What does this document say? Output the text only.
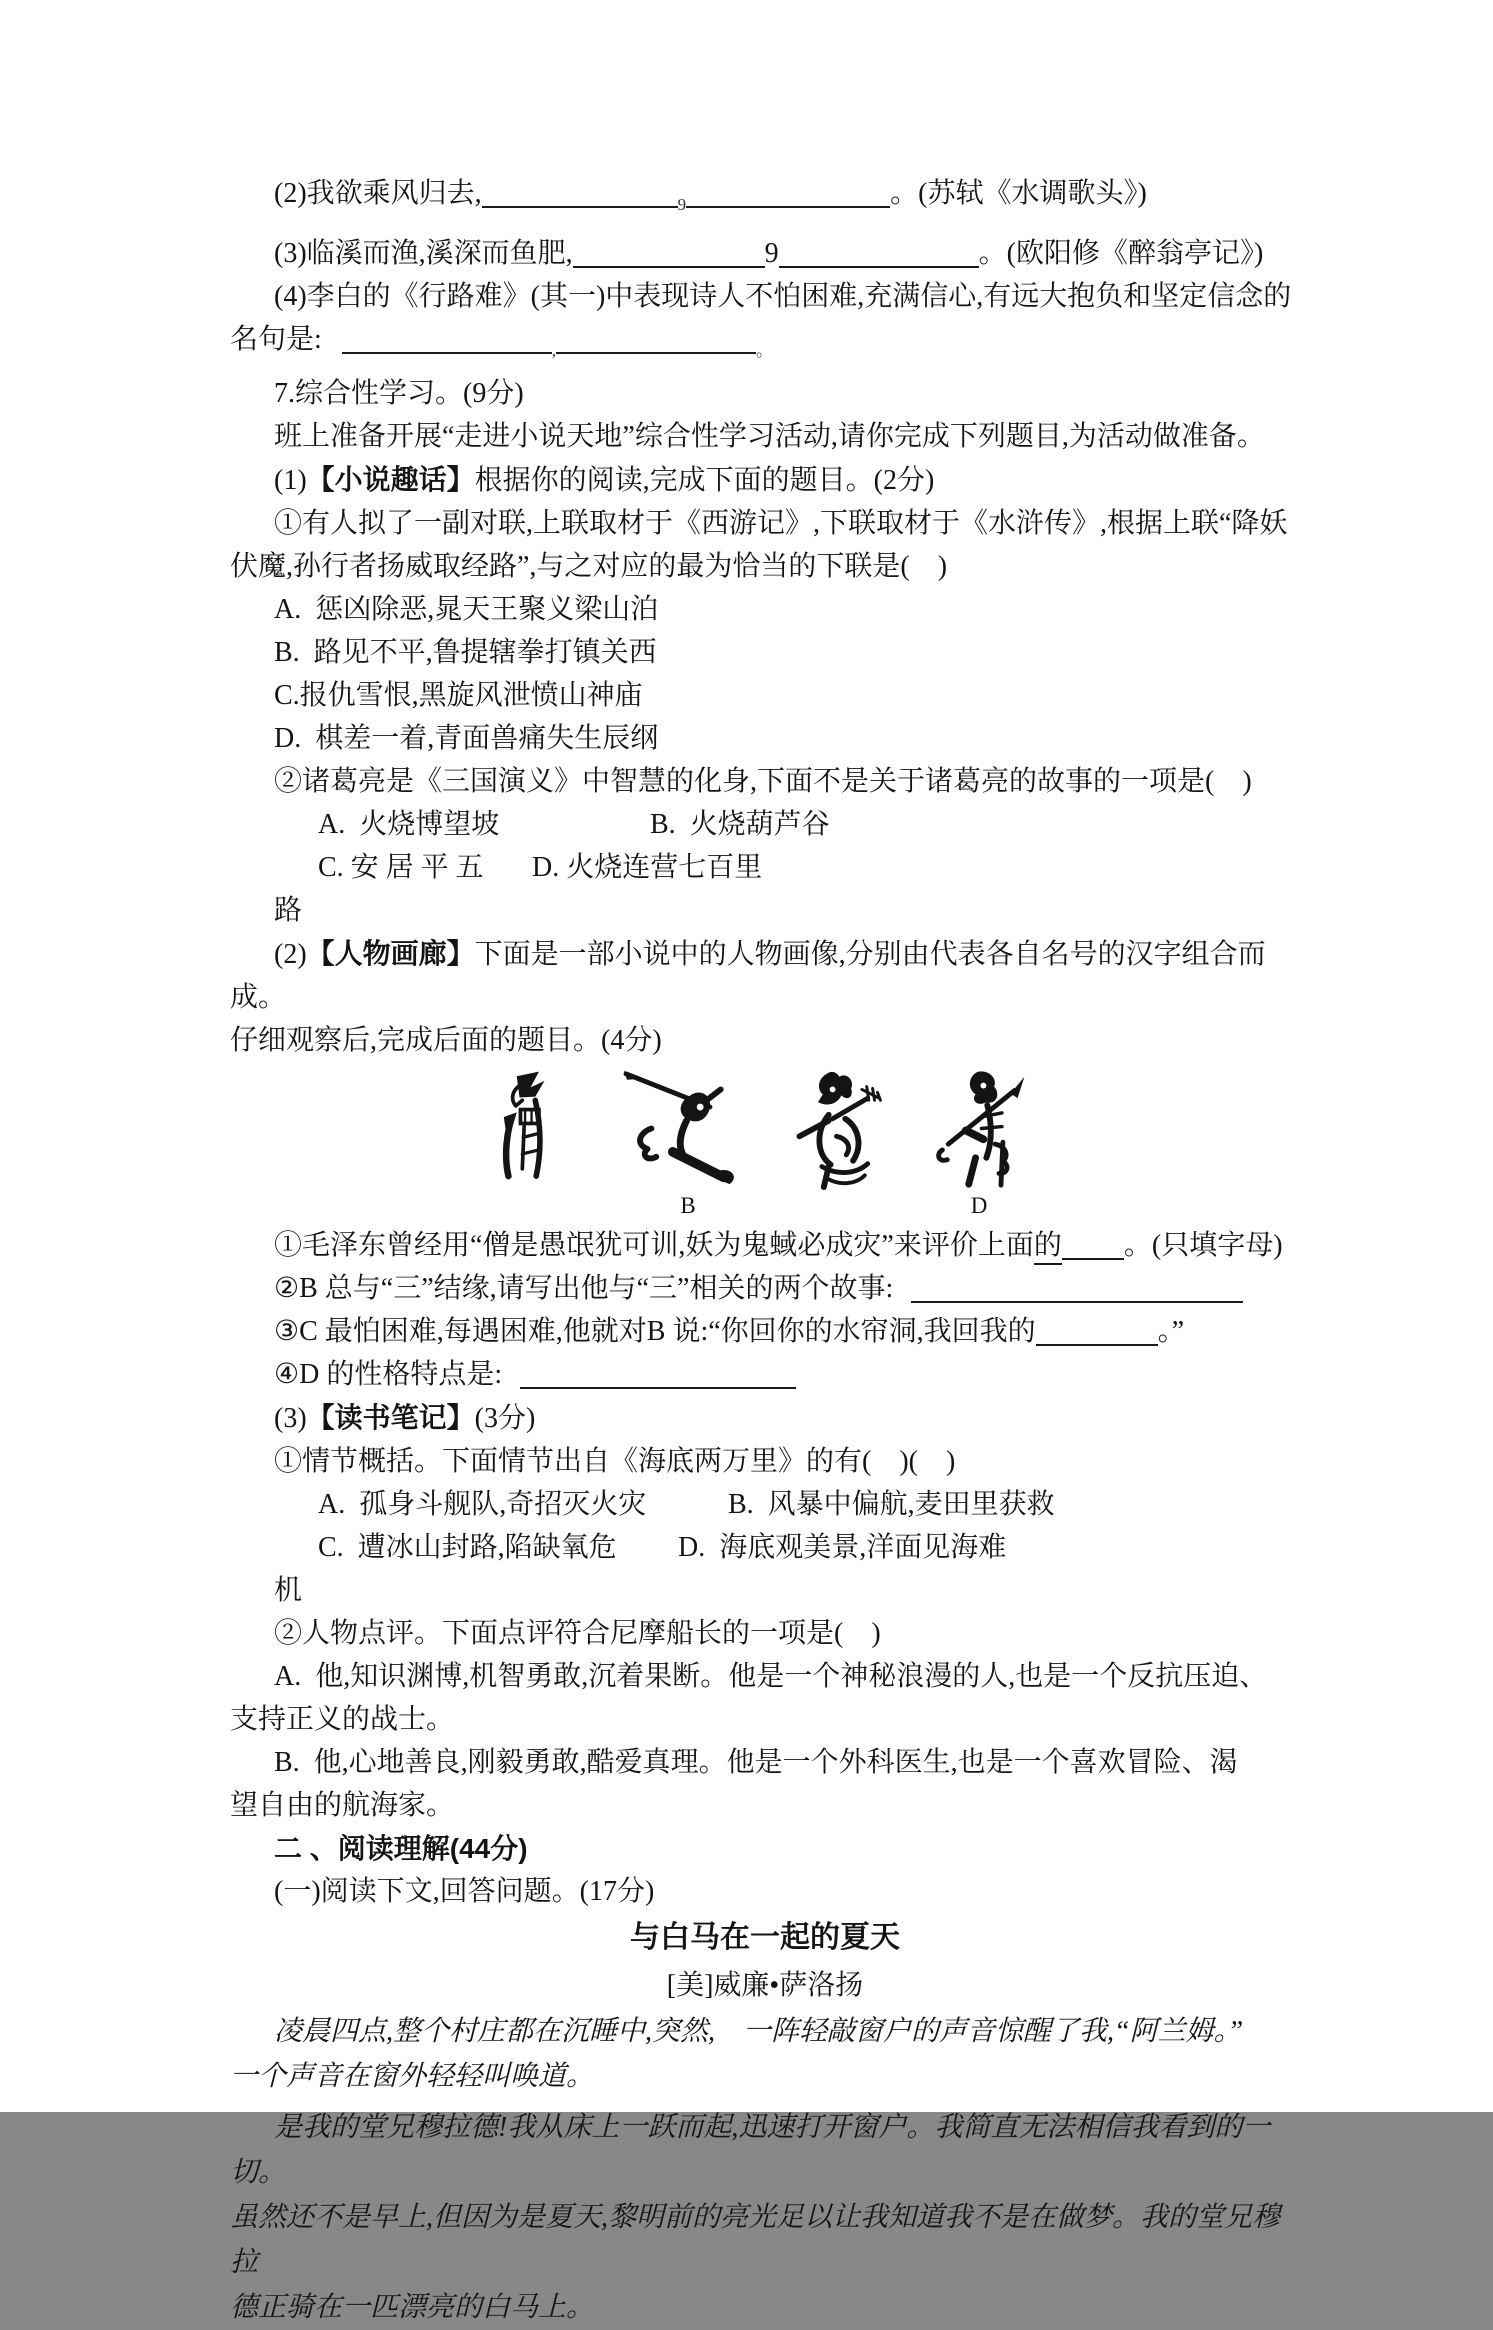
(2)我欲乘风归去,	$_9$	。(苏轼《水调歌头》)
(3)临溪而渔,溪深而鱼肥,	9	。(欧阳修《醉翁亭记》)
(4)李白的《行路难》(其一)中表现诗人不怕困难,充满信心,有远大抱负和坚定信念的
名句是:	$_,$	$_。$
7.综合性学习。(9分)
班上准备开展“走进小说天地”综合性学习活动,请你完成下列题目,为活动做准备。
(1)【小说趣话】根据你的阅读,完成下面的题目。(2分)
①有人拟了一副对联,上联取材于《西游记》,下联取材于《水浒传》,根据上联“降妖
伏魔,孙行者扬威取经路”,与之对应的最为恰当的下联是(    )
A.  惩凶除恶,晁天王聚义梁山泊
B.  路见不平,鲁提辖拳打镇关西
C.报仇雪恨,黑旋风泄愤山神庙
D.  棋差一着,青面兽痛失生辰纲
②诸葛亮是《三国演义》中智慧的化身,下面不是关于诸葛亮的故事的一项是(    )
A.  火烧博望坡	B.  火烧葫芦谷
C. 安 居 平 五 路D. 火烧连营七百里
(2)【人物画廊】下面是一部小说中的人物画像,分别由代表各自名号的汉字组合而成。
仔细观察后,完成后面的题目。(4分)
B	D
①毛泽东曾经用“僧是愚氓犹可训,妖为鬼蜮必成灾”来评价上面的 。(只填字母)
②B 总与“三”结缘,请写出他与“三”相关的两个故事:
③C 最怕困难,每遇困难,他就对B 说:“你回你的水帘洞,我回我的	。”
④D 的性格特点是:
(3)【读书笔记】(3分)
①情节概括。下面情节出自《海底两万里》的有(    )(    )
A.  孤身斗舰队,奇招灭火灾	B.  风暴中偏航,麦田里获救
C.  遭冰山封路,陷缺氧危机D.  海底观美景,洋面见海难
②人物点评。下面点评符合尼摩船长的一项是(    )
A.  他,知识渊博,机智勇敢,沉着果断。他是一个神秘浪漫的人,也是一个反抗压迫、
支持正义的战士。
B.  他,心地善良,刚毅勇敢,酷爱真理。他是一个外科医生,也是一个喜欢冒险、渴
望自由的航海家。
二 、阅读理解(44分)
(一)阅读下文,回答问题。(17分)
与白马在一起的夏天
[美]威廉•萨洛扬
凌晨四点,整个村庄都在沉睡中,突然,　一阵轻敲窗户的声音惊醒了我,“阿兰姆。”
一个声音在窗外轻轻叫唤道。
是我的堂兄穆拉德!我从床上一跃而起,迅速打开窗户。我简直无法相信我看到的一切。
虽然还不是早上,但因为是夏天,黎明前的亮光足以让我知道我不是在做梦。我的堂兄穆拉
德正骑在一匹漂亮的白马上。
